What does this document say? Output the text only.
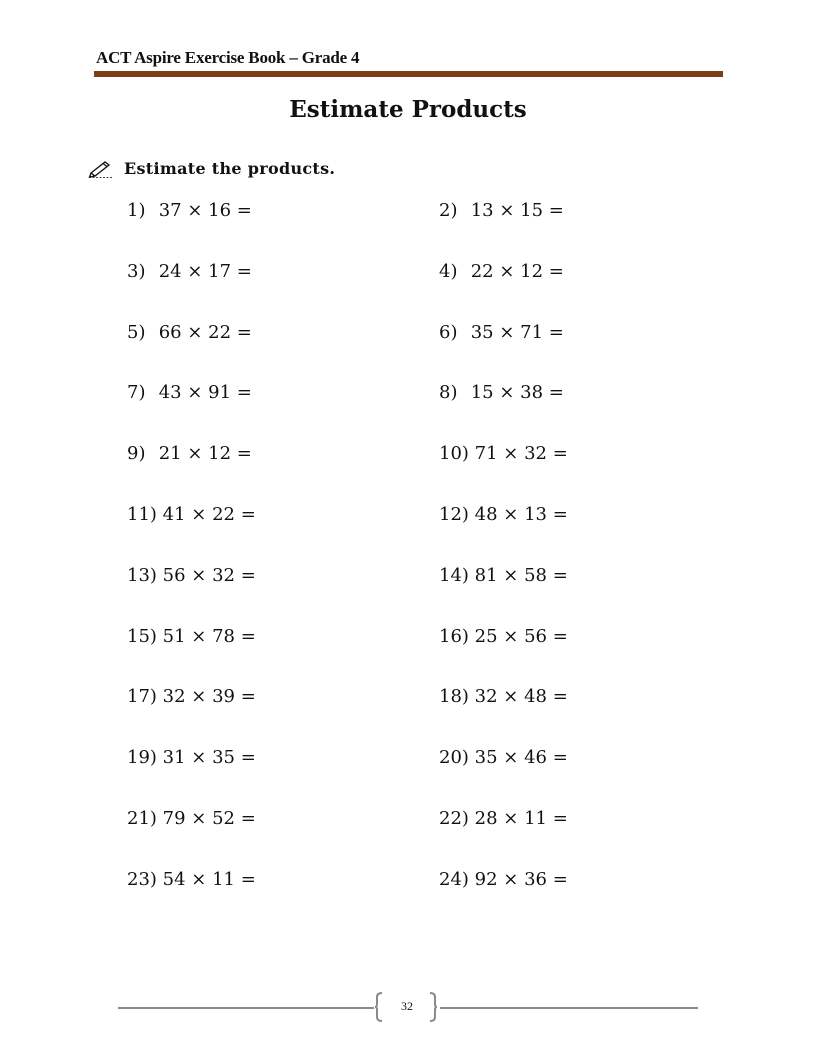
ACT Aspire Exercise Book – Grade 4
Estimate Products
Estimate the products.
1) 37 × 16 =	2) 13 × 15 =
3) 24 × 17 =	4) 22 × 12 =
5) 66 × 22 =	6) 35 × 71 =
7) 43 × 91 =	8) 15 × 38 =
9) 21 × 12 =	10) 71 × 32 =
11) 41 × 22 =	12) 48 × 13 =
13) 56 × 32 =	14) 81 × 58 =
15) 51 × 78 =	16) 25 × 56 =
17) 32 × 39 =	18) 32 × 48 =
19) 31 × 35 =	20) 35 × 46 =
21) 79 × 52 =	22) 28 × 11 =
23) 54 × 11 =	24) 92 × 36 =
32
